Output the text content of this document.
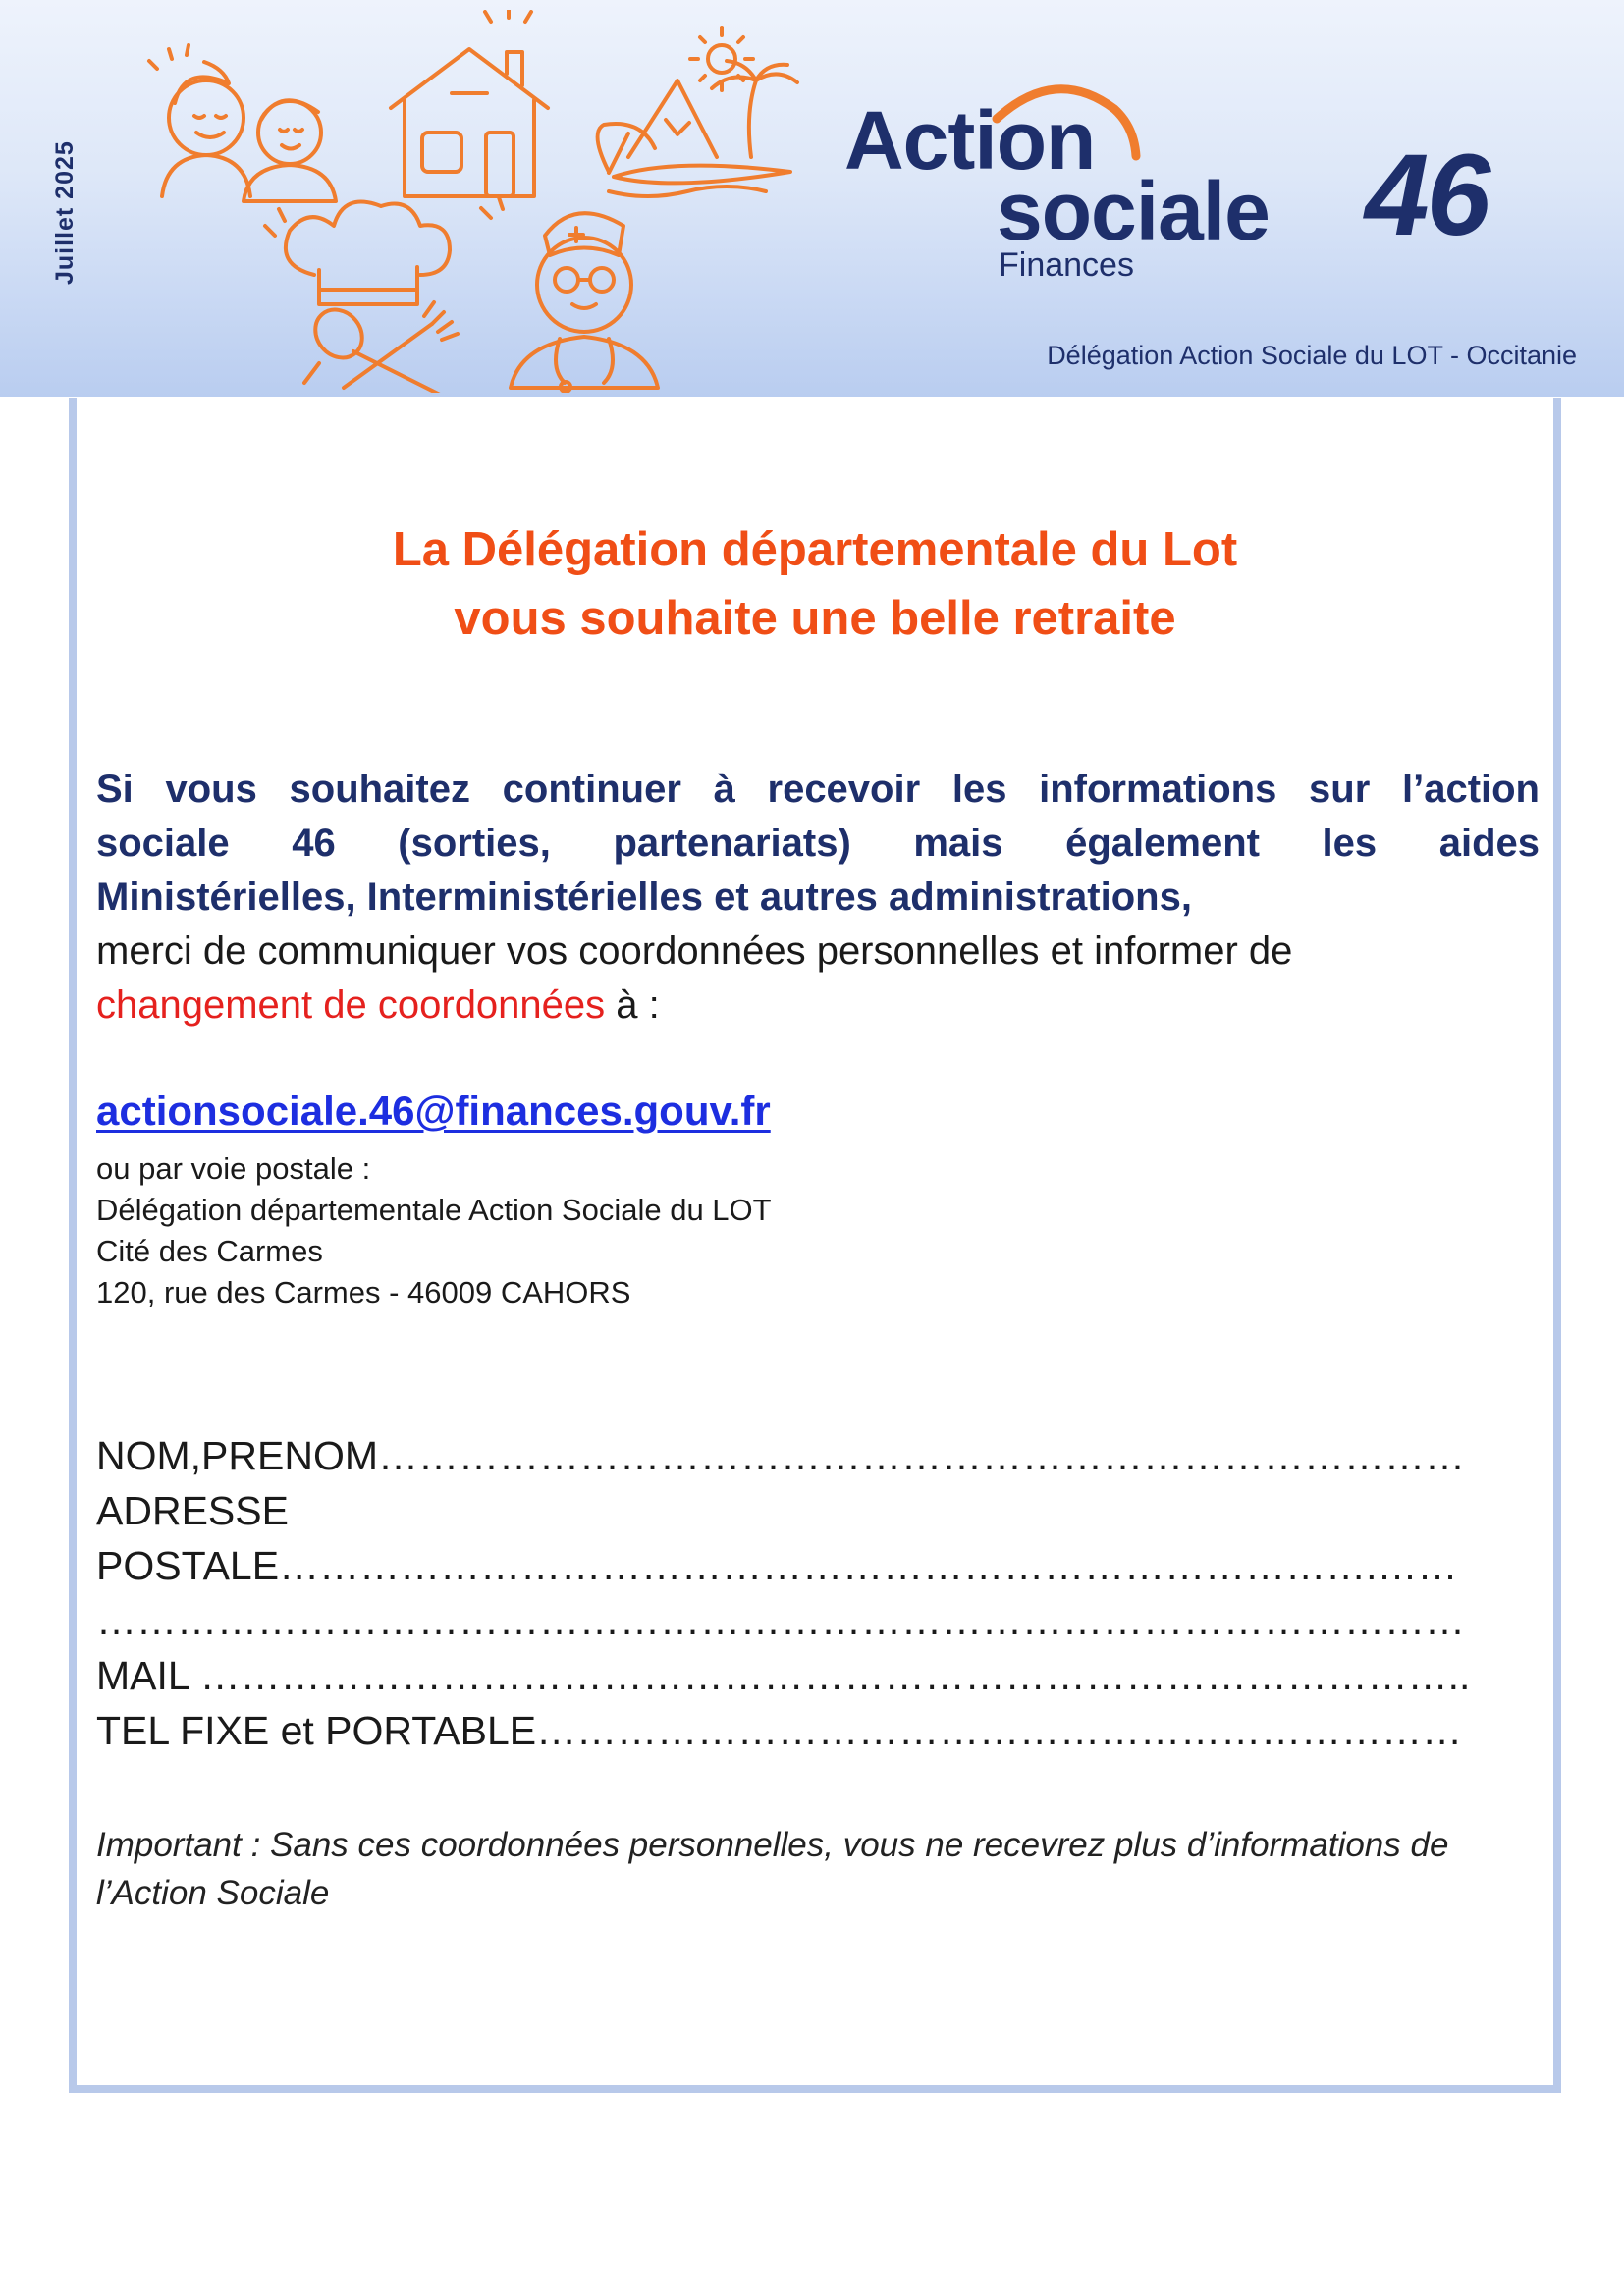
Juillet 2025
Action
sociale
Finances
46
Délégation Action Sociale du LOT - Occitanie
La Délégation départementale du Lot
vous souhaite une belle retraite
Si vous souhaitez continuer à recevoir les informations sur l’action
sociale 46 (sorties, partenariats) mais également les aides
Ministérielles, Interministérielles et autres administrations,
merci de communiquer vos coordonnées personnelles et informer de
changement de coordonnées à :
actionsociale.46@finances.gouv.fr
ou par voie postale :
Délégation départementale Action Sociale du LOT
Cité des Carmes
120, rue des Carmes - 46009 CAHORS
NOM,PRENOM………………………………………………………………………
ADRESSE
POSTALE……………………………………………………………………….……
…………………………………………………………………………………………
MAIL …………………………………………………………………………………..
TEL FIXE et PORTABLE……………………………………………………………
Important : Sans ces coordonnées personnelles, vous ne recevrez plus d’informations de l’Action Sociale
